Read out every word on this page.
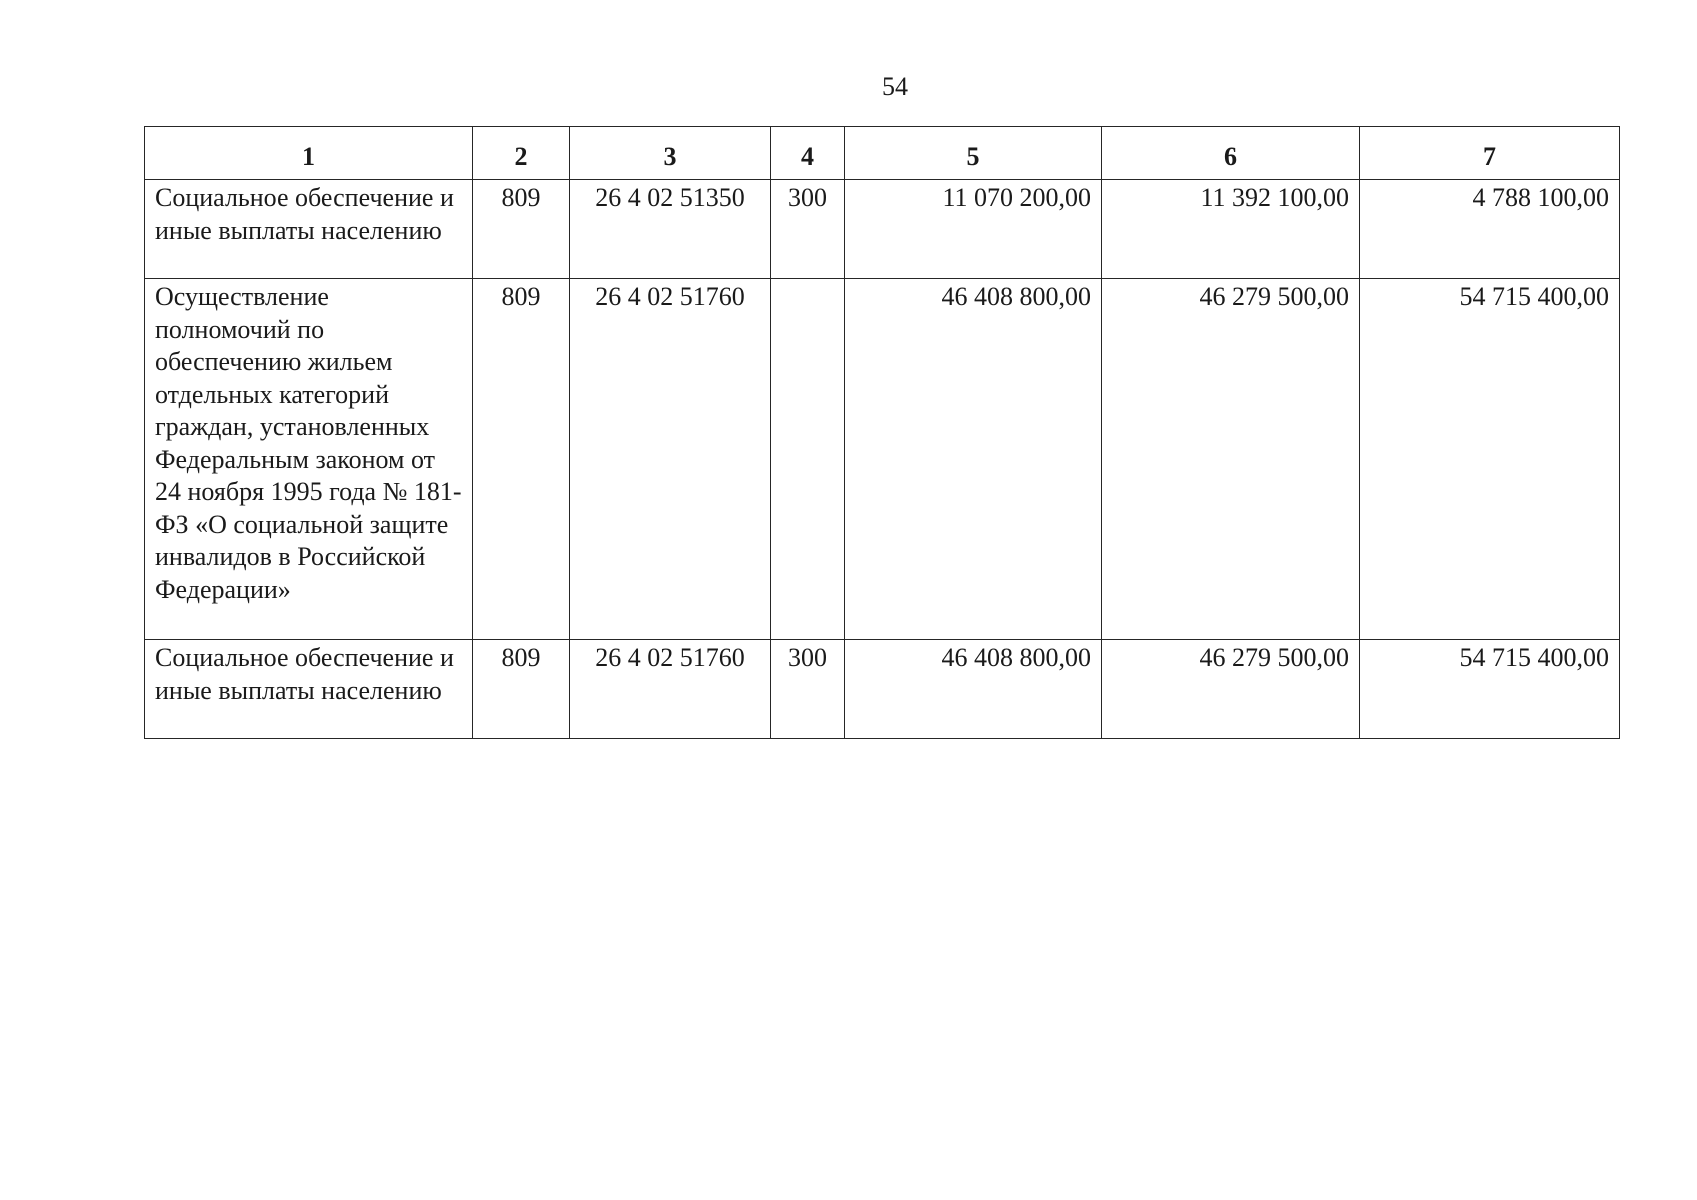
54
1	2	3	4	5	6	7
Социальное обеспечение и иные выплаты населению	809	26 4 02 51350	300	11 070 200,00	11 392 100,00	4 788 100,00
Осуществление полномочий по обеспечению жильем отдельных категорий граждан, установленных Федеральным законом от 24 ноября 1995 года № 181-ФЗ «О социальной защите инвалидов в Российской Федерации»	809	26 4 02 51760		46 408 800,00	46 279 500,00	54 715 400,00
Социальное обеспечение и иные выплаты населению	809	26 4 02 51760	300	46 408 800,00	46 279 500,00	54 715 400,00
